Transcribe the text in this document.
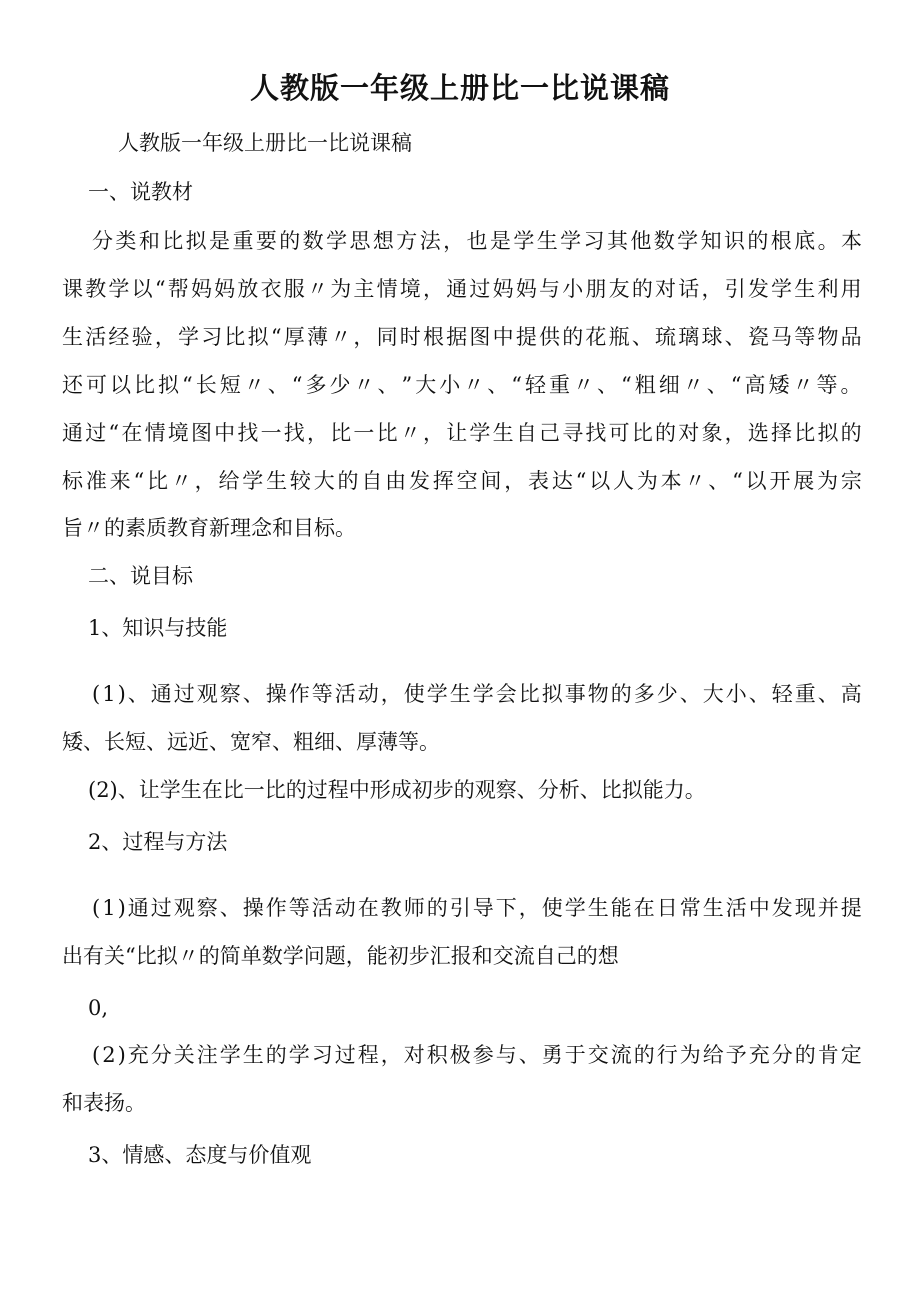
人教版一年级上册比一比说课稿
人教版一年级上册比一比说课稿
一、说教材
分 类 和 比 拟 是 重 要 的 数 学 思 想 方 法 ， 也 是 学 生 学 习 其 他 数 学 知 识 的 根 底 。 本
课 教 学 以 “ 帮 妈 妈 放 衣 服 〃 为 主 情 境 ， 通 过 妈 妈 与 小 朋 友 的 对 话 ， 引 发 学 生 利 用
生 活 经 验 ， 学 习 比 拟 “ 厚 薄 〃 ， 同 时 根 据 图 中 提 供 的 花 瓶 、 琉 璃 球 、 瓷 马 等 物 品
还 可 以 比 拟 “ 长 短 〃 、 “ 多 少 〃 、 ” 大 小 〃 、 “ 轻 重 〃 、 “ 粗 细 〃 、 “ 高 矮 〃 等 。
通 过 “ 在 情 境 图 中 找 一 找 ， 比 一 比 〃 ， 让 学 生 自 己 寻 找 可 比 的 对 象 ， 选 择 比 拟 的
标 准 来 “ 比 〃 ， 给 学 生 较 大 的 自 由 发 挥 空 间 ， 表 达 “ 以 人 为 本 〃 、 “ 以 开 展 为 宗
旨〃的素质教育新理念和目标。
二、说目标
1、知识与技能
( 1 ) 、 通 过 观 察 、 操 作 等 活 动 ， 使 学 生 学 会 比 拟 事 物 的 多 少 、 大 小 、 轻 重 、 高
矮、长短、远近、宽窄、粗细、厚薄等。
(2)、让学生在比一比的过程中形成初步的观察、分析、比拟能力。
2、过程与方法
( 1 ) 通 过 观 察 、 操 作 等 活 动 在 教 师 的 引 导 下 ， 使 学 生 能 在 日 常 生 活 中 发 现 并 提
出有关“比拟〃的简单数学问题，能初步汇报和交流自己的想
0,
( 2 ) 充 分 关 注 学 生 的 学 习 过 程 ， 对 积 极 参 与 、 勇 于 交 流 的 行 为 给 予 充 分 的 肯 定
和表扬。
3、情感、态度与价值观
